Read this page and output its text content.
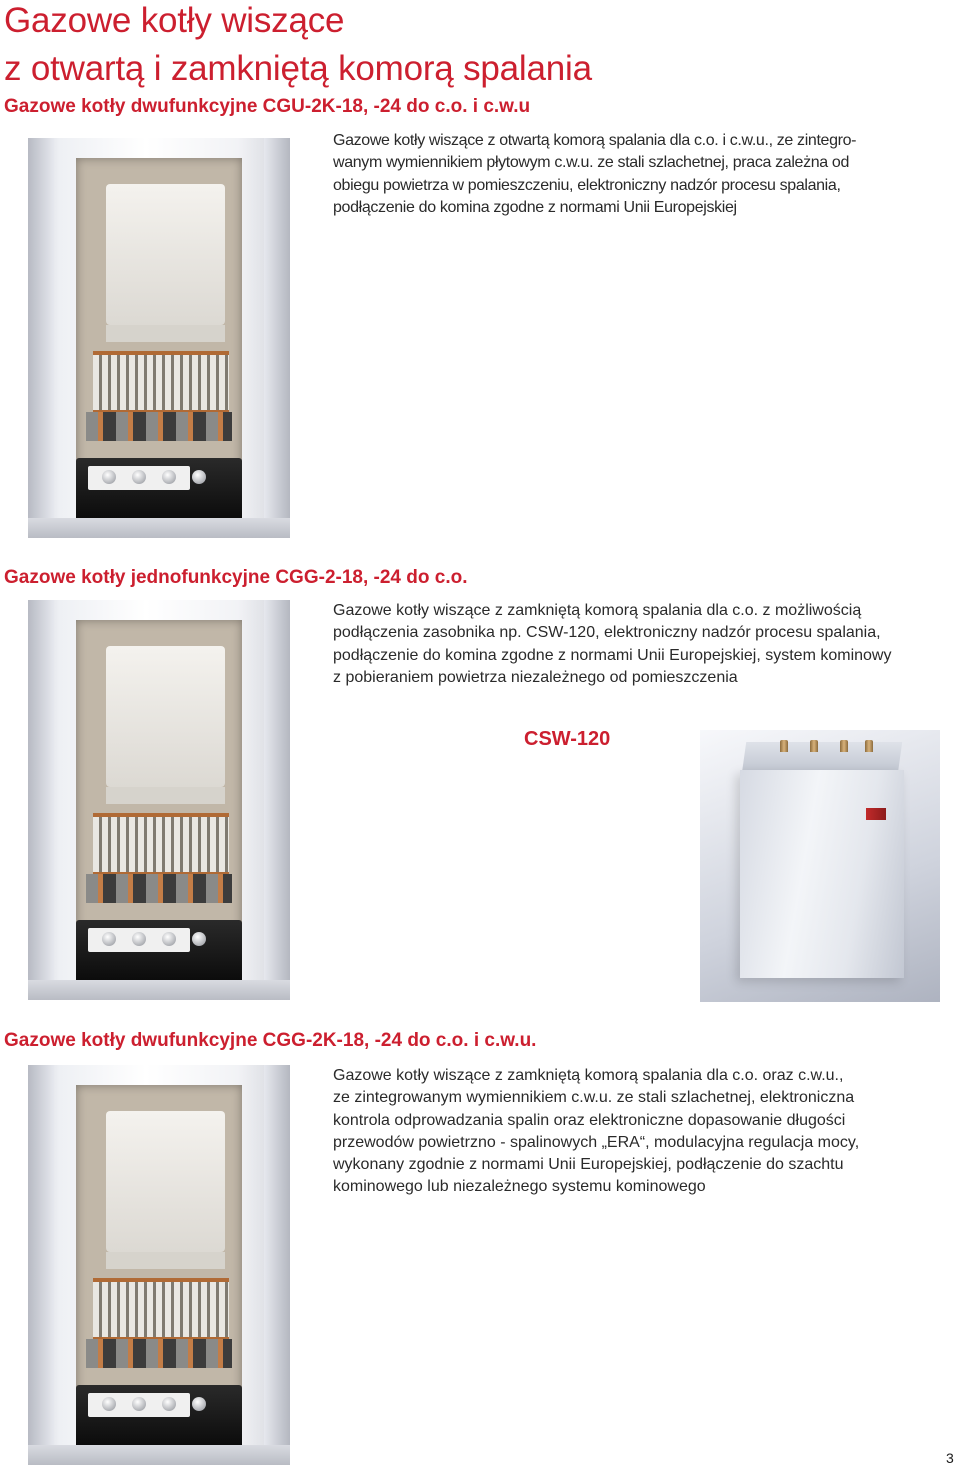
Gazowe kotły wiszące
z otwartą i zamkniętą komorą spalania
Gazowe kotły dwufunkcyjne CGU-2K-18, -24 do c.o. i c.w.u

Gazowe kotły wiszące z otwartą komorą spalania dla c.o. i c.w.u., ze zintegro-

wanym wymiennikiem płytowym c.w.u. ze stali szlachetnej, praca zależna od

obiegu powietrza w pomieszczeniu, elektroniczny nadzór procesu spalania,

podłączenie do komina zgodne z normami Unii Europejskiej

Gazowe kotły jednofunkcyjne CGG-2-18, -24 do c.o.

Gazowe kotły wiszące z zamkniętą komorą spalania dla c.o. z możliwością

podłączenia zasobnika np. CSW-120, elektroniczny nadzór procesu spalania,

podłączenie do komina zgodne z normami Unii Europejskiej, system kominowy

z pobieraniem powietrza niezależnego od pomieszczenia

CSW-120
Gazowe kotły dwufunkcyjne CGG-2K-18, -24 do c.o. i c.w.u.

Gazowe kotły wiszące z zamkniętą komorą spalania dla c.o. oraz c.w.u.,

ze zintegrowanym wymiennikiem c.w.u. ze stali szlachetnej, elektroniczna

kontrola odprowadzania spalin oraz elektroniczne dopasowanie długości

przewodów powietrzno - spalinowych „ERA“, modulacyjna regulacja mocy,

wykonany zgodnie z normami Unii Europejskiej, podłączenie do szachtu

kominowego lub niezależnego systemu kominowego

3
